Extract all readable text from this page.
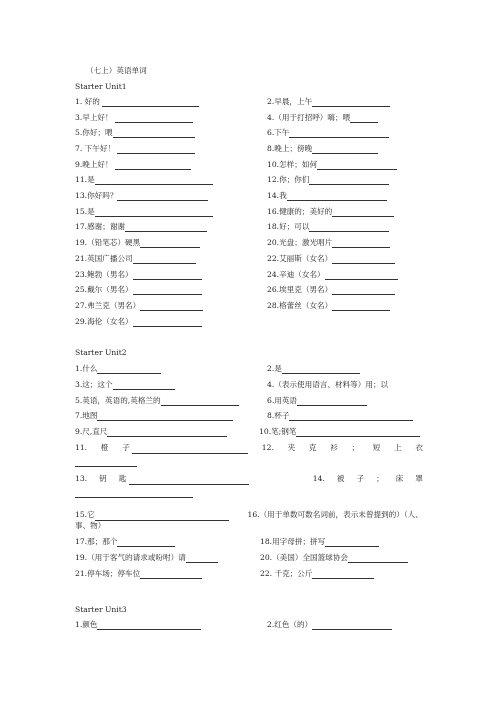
（七上）英语单词
Starter Unit1
1. 好的	2.早晨，上午
3.早上好！	4.（用于打招呼）嗨；喂
5.你好；喂	6.下午
7. 下午好！	8.晚上；傍晚
9.晚上好！	10.怎样；如何
11.是	12.你；你们
13.你好吗？	14.我
15.是	16.健康的；美好的
17.感谢；谢谢	18.好；可以
19.（铅笔芯）硬黑	20.光盘；激光唱片
21.英国广播公司	22.艾丽斯（女名）
23.鲍勃（男名）	24.辛迪（女名）
25.戴尔（男名）	26.埃里克（男名）
27.弗兰克（男名）	28.格蕾丝（女名）
29.海伦（女名）
Starter Unit2
1.什么	2.是
3.这；这个	4.（表示使用语言、材料等）用；以
5.英语，英语的,英格兰的	6.用英语
7.地图	8.杯子
9.尺,直尺	10.笔;钢笔
11. 橙 子	12. 夹 克 衫 ； 短 上 衣
13. 钥 匙	14. 被 子 ； 床 罩
15.它	16.（用于单数可数名词前，表示未曾提到的）（人、事、物）
17.那；那个	18.用字母拼；拼写
19.（用于客气的请求或吩咐）请	20.（美国）全国篮球协会
21.停车场；停车位	22. 千克；公斤
Starter Unit3
1.颜色	2.红色（的）
